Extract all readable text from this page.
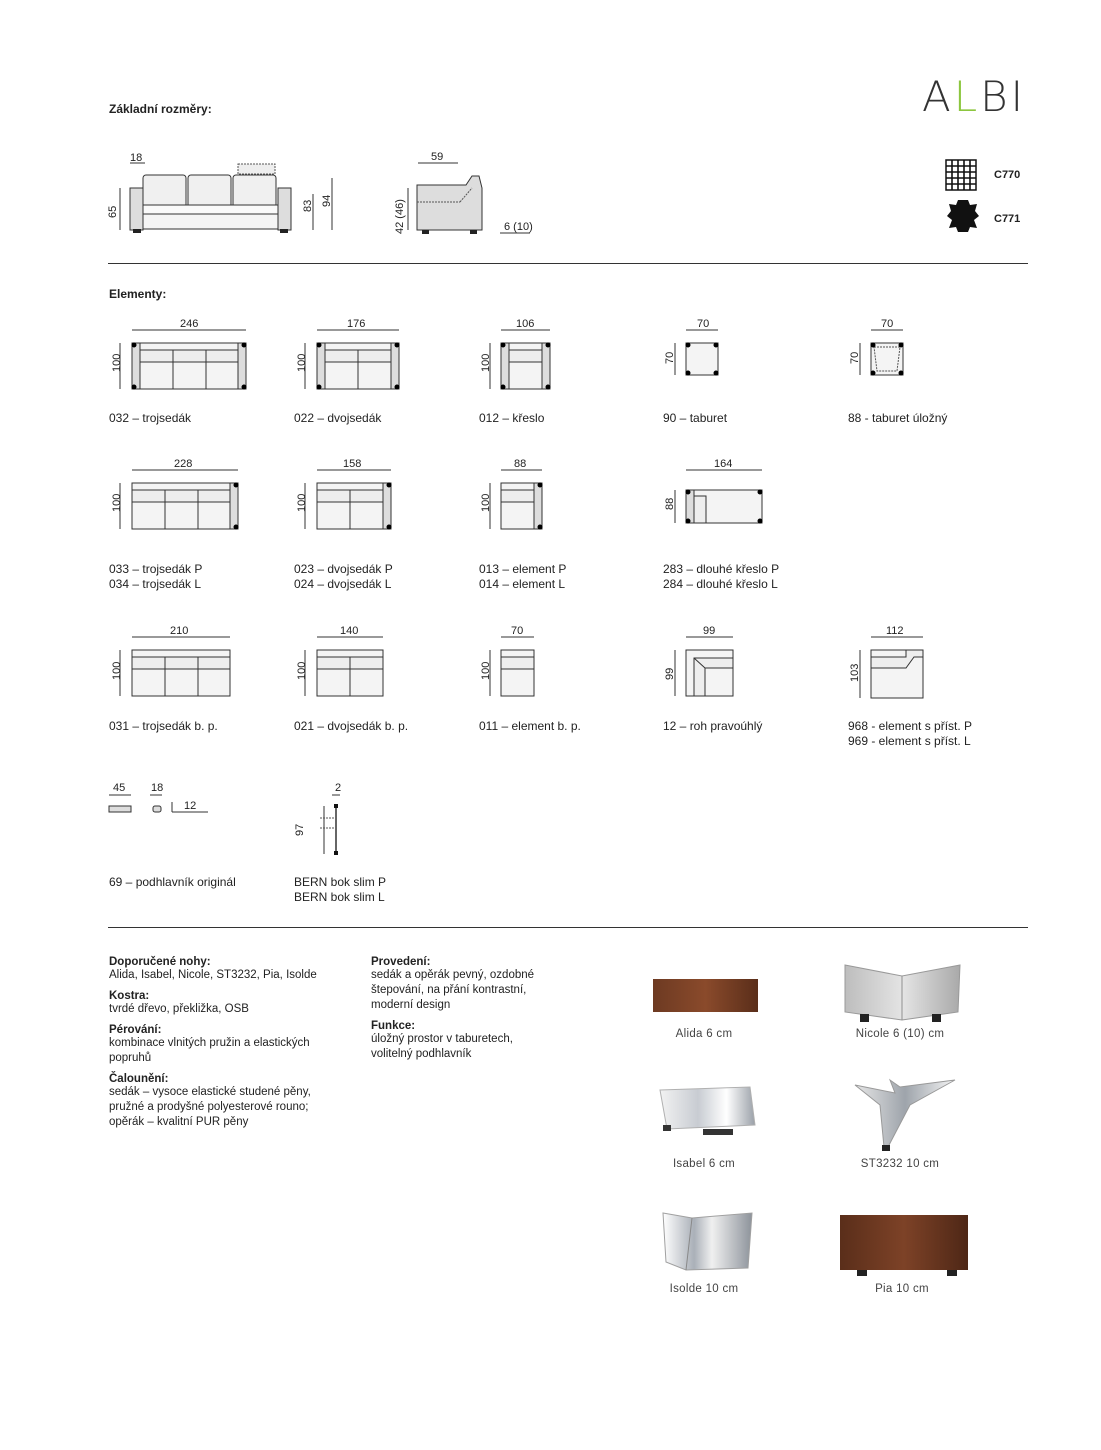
ALBI
Základní rozměry:
18
65	83 94
59
42 (46)	6 (10)
C770
C771
Elementy:
246
100
032 – trojsedák
176
100
022 – dvojsedák
106
100
012 – křeslo
70
70
90 – taburet
70
70
88 - taburet úložný
228
100
033 – trojsedák P
034 – trojsedák L
158
100
023 – dvojsedák P
024 – dvojsedák L
88
100
013 – element P
014 – element L
164
88
283 – dlouhé křeslo P
284 – dlouhé křeslo L
210
100
031 – trojsedák b. p.
140
100
021 – dvojsedák b. p.
70
100
011 – element b. p.
99
99
12 – roh pravoúhlý
112
103
968 - element s příst. P
969 - element s příst. L
45 18
12
69 – podhlavník originál
2
97
BERN bok slim P
BERN bok slim L
Doporučené nohy:
Alida, Isabel, Nicole, ST3232, Pia, Isolde
Kostra:
tvrdé dřevo, překližka, OSB
Pérování:
kombinace vlnitých pružin a elastických
popruhů
Čalounění:
sedák – vysoce elastické studené pěny,
pružné a prodyšné polyesterové rouno;
opěrák – kvalitní PUR pěny
Provedení:
sedák a opěrák pevný, ozdobné
štepování, na přání kontrastní,
moderní design
Funkce:
úložný prostor v taburetech,
volitelný podhlavník
Alida 6 cm	Nicole 6 (10) cm
Isabel 6 cm	ST3232 10 cm
Isolde 10 cm	Pia 10 cm
